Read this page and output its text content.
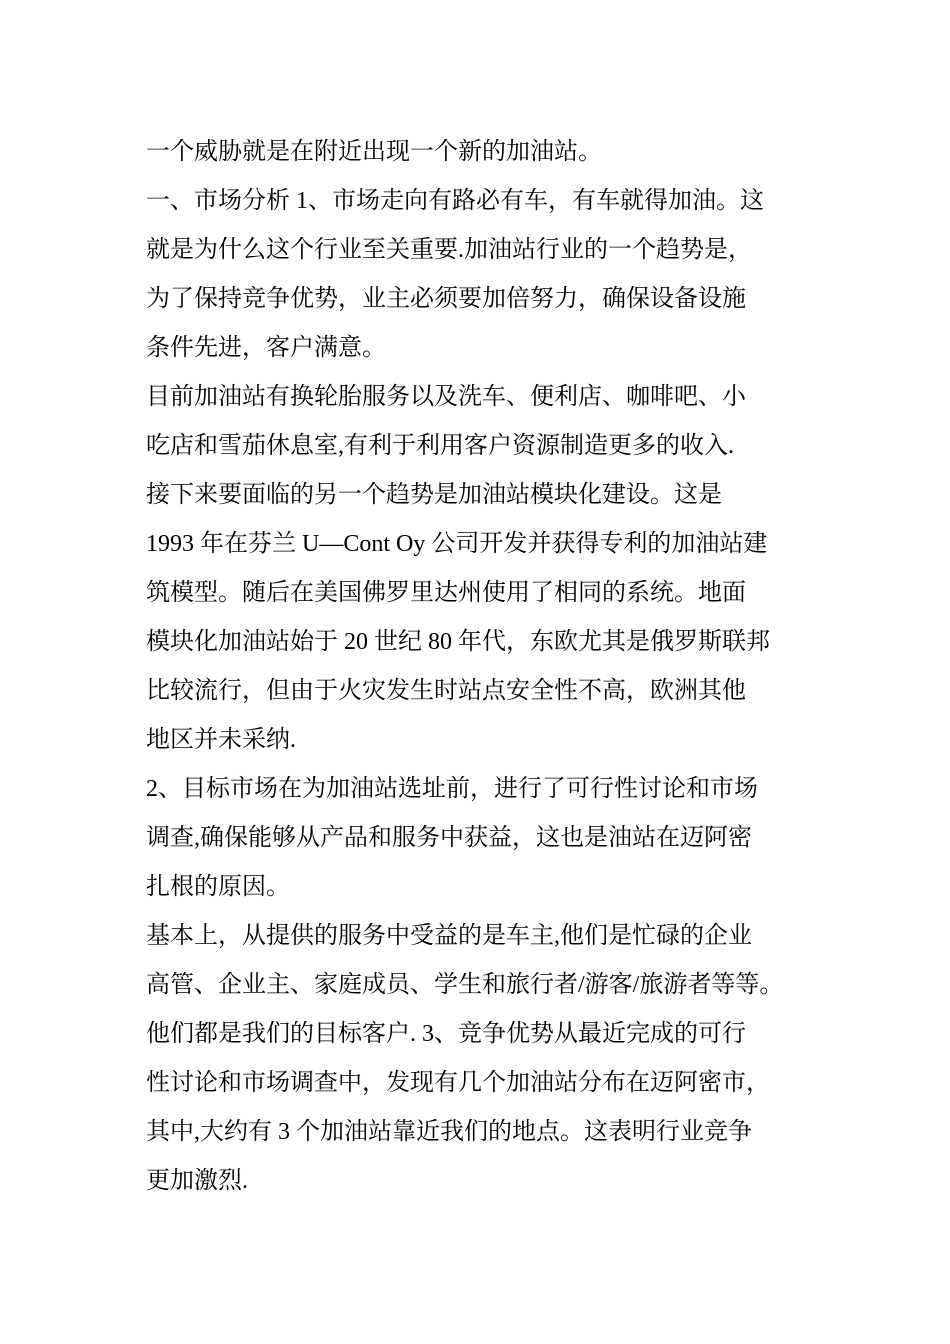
一个威胁就是在附近出现一个新的加油站。
一、市场分析 1、市场走向有路必有车，有车就得加油。这
就是为什么这个行业至关重要.加油站行业的一个趋势是，
为了保持竞争优势，业主必须要加倍努力，确保设备设施
条件先进，客户满意。
目前加油站有换轮胎服务以及洗车、便利店、咖啡吧、小
吃店和雪茄休息室,有利于利用客户资源制造更多的收入.
接下来要面临的另一个趋势是加油站模块化建设。这是
1993 年在芬兰 U—Cont Oy 公司开发并获得专利的加油站建
筑模型。随后在美国佛罗里达州使用了相同的系统。地面
模块化加油站始于 20 世纪 80 年代，东欧尤其是俄罗斯联邦
比较流行，但由于火灾发生时站点安全性不高，欧洲其他
地区并未采纳.
2、目标市场在为加油站选址前，进行了可行性讨论和市场
调查,确保能够从产品和服务中获益，这也是油站在迈阿密
扎根的原因。
基本上，从提供的服务中受益的是车主,他们是忙碌的企业
高管、企业主、家庭成员、学生和旅行者/游客/旅游者等等。
他们都是我们的目标客户. 3、竞争优势从最近完成的可行
性讨论和市场调查中，发现有几个加油站分布在迈阿密市，
其中,大约有 3 个加油站靠近我们的地点。这表明行业竞争
更加激烈.
